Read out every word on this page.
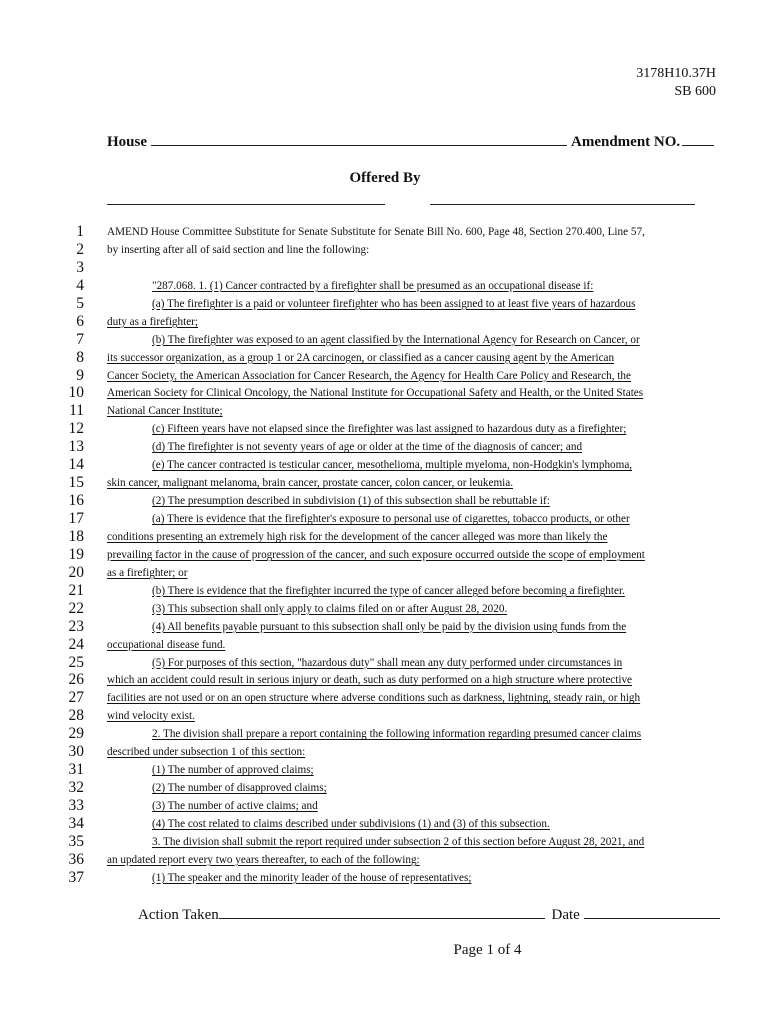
3178H10.37H
SB 600
House	Amendment NO.
Offered By
1 AMEND House Committee Substitute for Senate Substitute for Senate Bill No. 600, Page 48, Section 270.400, Line 57,
2 by inserting after all of said section and line the following:
3
4	"287.068. 1. (1) Cancer contracted by a firefighter shall be presumed as an occupational disease if:
5	(a) The firefighter is a paid or volunteer firefighter who has been assigned to at least five years of hazardous
6 duty as a firefighter;
7	(b) The firefighter was exposed to an agent classified by the International Agency for Research on Cancer, or
8 its successor organization, as a group 1 or 2A carcinogen, or classified as a cancer causing agent by the American
9 Cancer Society, the American Association for Cancer Research, the Agency for Health Care Policy and Research, the
10 American Society for Clinical Oncology, the National Institute for Occupational Safety and Health, or the United States
11 National Cancer Institute;
12	(c) Fifteen years have not elapsed since the firefighter was last assigned to hazardous duty as a firefighter;
13	(d) The firefighter is not seventy years of age or older at the time of the diagnosis of cancer; and
14	(e) The cancer contracted is testicular cancer, mesothelioma, multiple myeloma, non-Hodgkin's lymphoma,
15 skin cancer, malignant melanoma, brain cancer, prostate cancer, colon cancer, or leukemia.
16	(2) The presumption described in subdivision (1) of this subsection shall be rebuttable if:
17	(a) There is evidence that the firefighter's exposure to personal use of cigarettes, tobacco products, or other
18 conditions presenting an extremely high risk for the development of the cancer alleged was more than likely the
19 prevailing factor in the cause of progression of the cancer, and such exposure occurred outside the scope of employment
20 as a firefighter; or
21	(b) There is evidence that the firefighter incurred the type of cancer alleged before becoming a firefighter.
22	(3) This subsection shall only apply to claims filed on or after August 28, 2020.
23	(4) All benefits payable pursuant to this subsection shall only be paid by the division using funds from the
24 occupational disease fund.
25	(5) For purposes of this section, "hazardous duty" shall mean any duty performed under circumstances in
26 which an accident could result in serious injury or death, such as duty performed on a high structure where protective
27 facilities are not used or on an open structure where adverse conditions such as darkness, lightning, steady rain, or high
28 wind velocity exist.
29	2. The division shall prepare a report containing the following information regarding presumed cancer claims
30 described under subsection 1 of this section:
31	(1) The number of approved claims;
32	(2) The number of disapproved claims;
33	(3) The number of active claims; and
34	(4) The cost related to claims described under subdivisions (1) and (3) of this subsection.
35	3. The division shall submit the report required under subsection 2 of this section before August 28, 2021, and
36 an updated report every two years thereafter, to each of the following:
37	(1) The speaker and the minority leader of the house of representatives;
Action Taken	Date
Page 1 of 4
